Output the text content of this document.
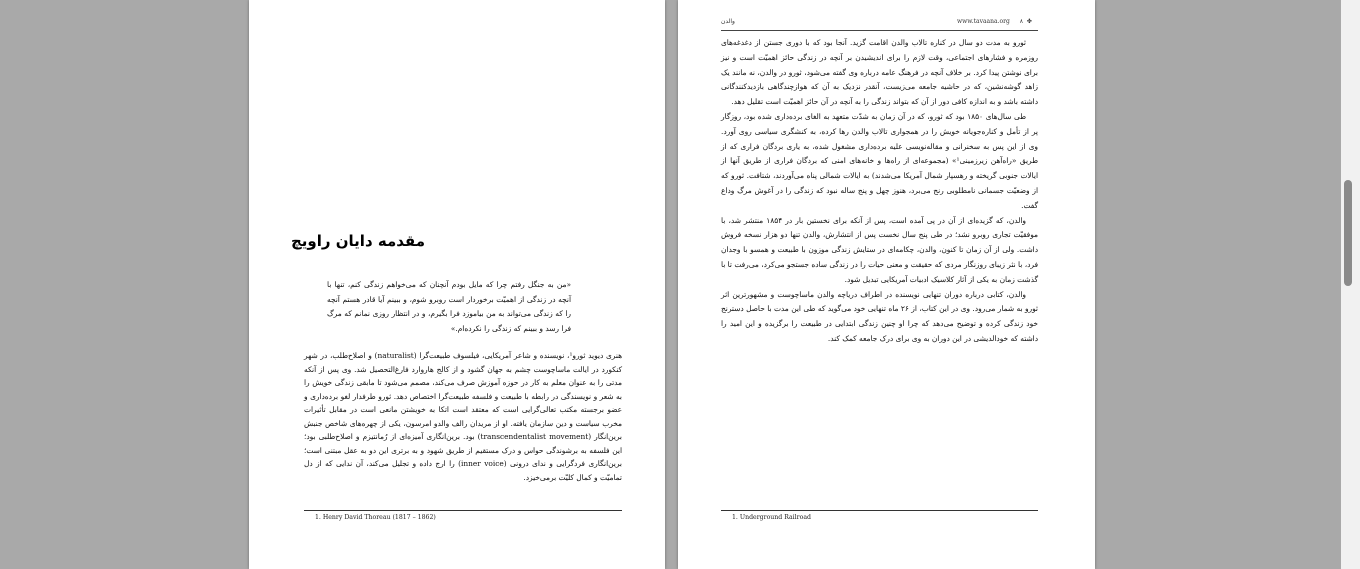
مقدمه دایان راویچ
«من به جنگل رفتم چرا که مایل بودم آنچنان که می‌خواهم زندگی کنم، تنها با آنچه در زندگی از اهمیّت برخوردار است روبرو شوم، و ببینم آیا قادر هستم آنچه را که زندگی می‌تواند به من بیاموزد فرا بگیرم، و در انتظار روزی نمانم که مرگ فرا رسد و ببینم که زندگی را نکرده‌ام.»

هنری دیوید ثورو¹، نویسنده و شاعر آمریکایی، فیلسوف طبیعت‌گرا (naturalist) و اصلاح‌طلب، در شهر کنکورد در ایالت ماساچوست چشم به جهان گشود و از کالج هاروارد فارغ‌التحصیل شد. وی پس از آنکه مدتی را به عنوان معلم به کار در حوزه آموزش صرف می‌کند، مصمم می‌شود تا مابقی زندگی خویش را به شعر و نویسندگی در رابطه با طبیعت و فلسفه طبیعت‌گرا اختصاص دهد. ثورو طرفدار لغو برده‌داری و عضو برجسته مکتب تعالی‌گرایی است که معتقد است اتکا به خویشتن مانعی است در مقابل تأثیرات مخرب سیاست و دین سازمان یافته. او از مریدان رالف والدو امرسون، یکی از چهره‌های شاخص جنبش برین‌انگار (transcendentalist movement) بود. برین‌انگاری آمیزه‌ای از رُمانتیزم و اصلاح‌طلبی بود؛ این فلسفه به برشوندگی حواس و درک مستقیم از طریق شهود و به برتری این دو به عقل مبتنی است؛ برین‌انگاری فردگرایی و ندای درونی (inner voice) را ارج داده و تجلیل می‌کند، آن ندایی که از دل تمامیّت و کمال کلیّت برمی‌خیزد.

1. Henry David Thoreau (1817 – 1862)
والدن	www.tavaana.org ۸ ✤

ثورو به مدت دو سال در کناره تالاب والدن اقامت گزید. آنجا بود که با دوری جستن از دغدغه‌های روزمره و فشارهای اجتماعی، وقت لازم را برای اندیشیدن بر آنچه در زندگی حائز اهمیّت است و نیز برای نوشتن پیدا کرد. بر خلاف آنچه در فرهنگ عامه درباره وی گفته می‌شود، ثورو در والدن، نه مانند یک زاهد گوشه‌نشین، که در حاشیه جامعه می‌زیست، آنقدر نزدیک به آن که هوازچندگاهی بازدیدکنندگانی داشته باشد و به اندازه کافی دور از آن که بتواند زندگی را به آنچه در آن حائز اهمیّت است تقلیل دهد.

طی سال‌های ۱۸۵۰ بود که ثورو، که در آن زمان به شدّت متعهد به الغای برده‌داری شده بود، روزگار پر از تأمل و کناره‌جویانه خویش را در همجواری تالاب والدن رها کرده، به کنشگری سیاسی روی آورد. وی از این پس به سخنرانی و مقاله‌نویسی علیه برده‌داری مشغول شده، به یاری بردگان فراری که از طریق «راه‌آهن زیرزمینی¹» (مجموعه‌ای از راه‌ها و خانه‌های امنی که بردگان فراری از طریق آنها از ایالات جنوبی گریخته و رهسپار شمال آمریکا می‌شدند) به ایالات شمالی پناه می‌آوردند، شتافت. ثورو که از وضعیّت جسمانی نامطلوبی رنج می‌برد، هنوز چهل و پنج ساله نبود که زندگی را در آغوش مرگ وداع گفت.

والدن، که گزیده‌ای از آن در پی آمده است، پس از آنکه برای نخستین بار در ۱۸۵۴ منتشر شد، با موفقیّت تجاری روبرو نشد؛ در طی پنج سال نخست پس از انتشارش، والدن تنها دو هزار نسخه فروش داشت. ولی از آن زمان تا کنون، والدن، چکامه‌ای در ستایش زندگی موزون با طبیعت و همسو با وجدان فرد، با نثر زیبای روزنگار مردی که حقیقت و معنی حیات را در زندگی ساده جستجو می‌کرد، می‌رفت تا با گذشت زمان به یکی از آثار کلاسیک ادبیات آمریکایی تبدیل شود.

والدن، کتابی درباره دوران تنهایی نویسنده در اطراف دریاچه والدن ماساچوست و مشهورترین اثر ثورو به شمار می‌رود. وی در این کتاب، از ۲۶ ماه تنهایی خود می‌گوید که طی این مدت با حاصل دسترنج خود زندگی کرده و توضیح می‌دهد که چرا او چنین زندگی ابتدایی در طبیعت را برگزیده و این امید را داشته که خودالدیشی در این دوران به وی برای درک جامعه کمک کند.

1. Underground Railroad
